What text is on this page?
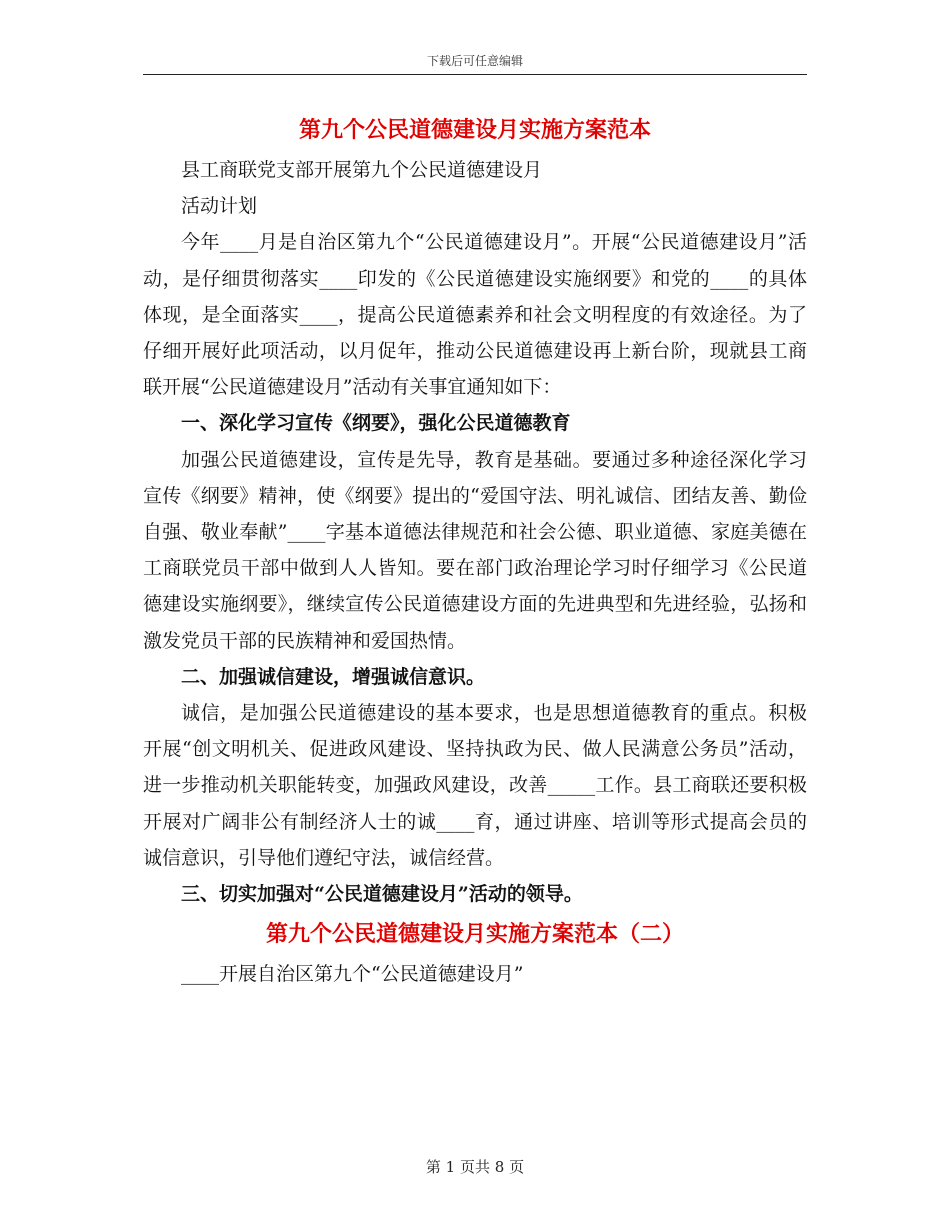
下载后可任意编辑
第九个公民道德建设月实施方案范本

县工商联党支部开展第九个公民道德建设月

活动计划

今年____月是自治区第九个“公民道德建设月”。开展“公民道德建设月”活动，是仔细贯彻落实____印发的《公民道德建设实施纲要》和党的____的具体体现，是全面落实____，提高公民道德素养和社会文明程度的有效途径。为了仔细开展好此项活动，以月促年，推动公民道德建设再上新台阶，现就县工商联开展“公民道德建设月”活动有关事宜通知如下：

一、深化学习宣传《纲要》，强化公民道德教育

加强公民道德建设，宣传是先导，教育是基础。要通过多种途径深化学习宣传《纲要》精神，使《纲要》提出的“爱国守法、明礼诚信、团结友善、勤俭自强、敬业奉献”____字基本道德法律规范和社会公德、职业道德、家庭美德在工商联党员干部中做到人人皆知。要在部门政治理论学习时仔细学习《公民道德建设实施纲要》，继续宣传公民道德建设方面的先进典型和先进经验，弘扬和激发党员干部的民族精神和爱国热情。

二、加强诚信建设，增强诚信意识。

诚信，是加强公民道德建设的基本要求，也是思想道德教育的重点。积极开展“创文明机关、促进政风建设、坚持执政为民、做人民满意公务员”活动，进一步推动机关职能转变，加强政风建设，改善_____工作。县工商联还要积极开展对广阔非公有制经济人士的诚____育，通过讲座、培训等形式提高会员的诚信意识，引导他们遵纪守法，诚信经营。

三、切实加强对“公民道德建设月”活动的领导。

第九个公民道德建设月实施方案范本（二）

____开展自治区第九个“公民道德建设月”

第 1 页共 8 页
